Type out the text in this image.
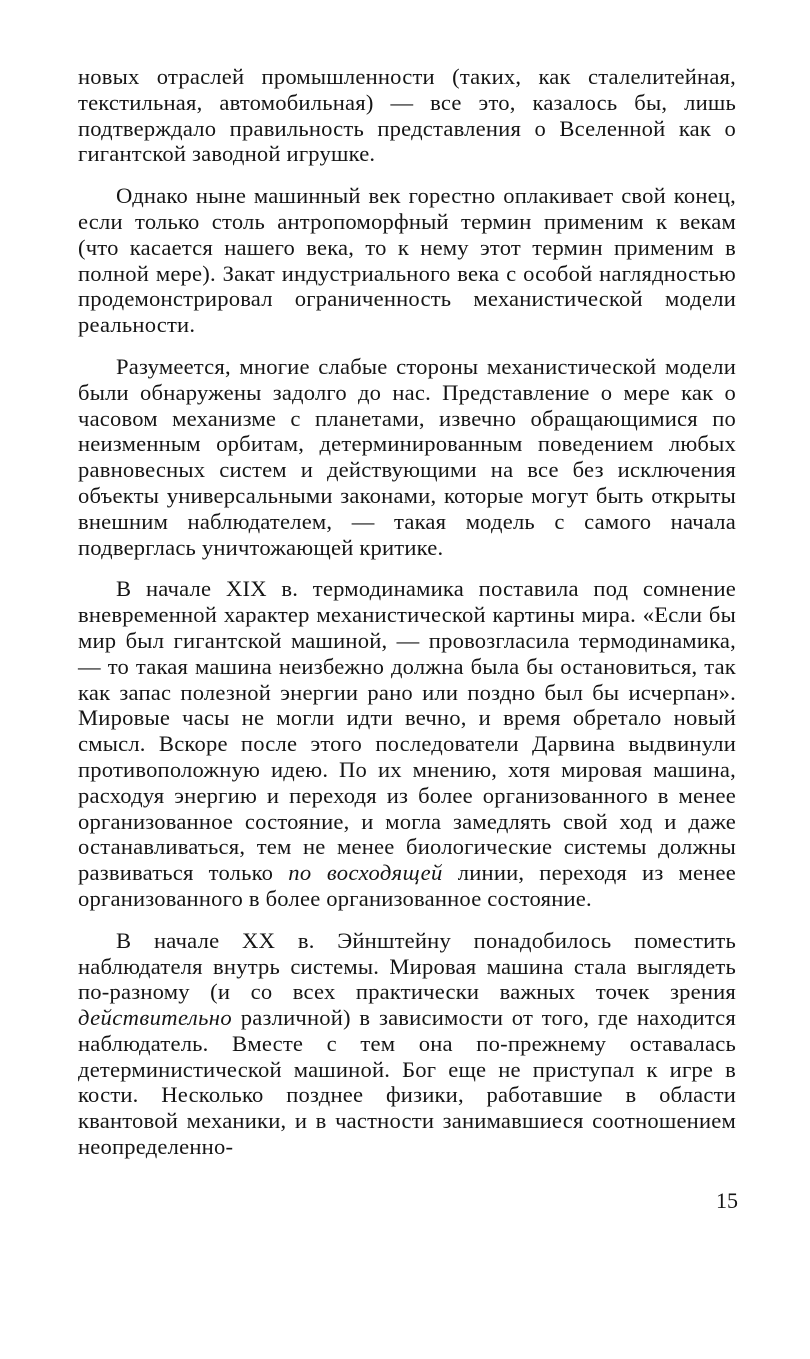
новых отраслей промышленности (таких, как сталелитейная, текстильная, автомобильная) — все это, казалось бы, лишь подтверждало правильность представления о Вселенной как о гигантской заводной игрушке.

Однако ныне машинный век горестно оплакивает свой конец, если только столь антропоморфный термин применим к векам (что касается нашего века, то к нему этот термин применим в полной мере). Закат индустриального века с особой наглядностью продемонстрировал ограниченность механистической модели реальности.

Разумеется, многие слабые стороны механистической модели были обнаружены задолго до нас. Представление о мере как о часовом механизме с планетами, извечно обращающимися по неизменным орбитам, детерминированным поведением любых равновесных систем и действующими на все без исключения объекты универсальными законами, которые могут быть открыты внешним наблюдателем, — такая модель с самого начала подверглась уничтожающей критике.

В начале XIX в. термодинамика поставила под сомнение вневременной характер механистической картины мира. «Если бы мир был гигантской машиной, — провозгласила термодинамика, — то такая машина неизбежно должна была бы остановиться, так как запас полезной энергии рано или поздно был бы исчерпан». Мировые часы не могли идти вечно, и время обретало новый смысл. Вскоре после этого последователи Дарвина выдвинули противоположную идею. По их мнению, хотя мировая машина, расходуя энергию и переходя из более организованного в менее организованное состояние, и могла замедлять свой ход и даже останавливаться, тем не менее биологические системы должны развиваться только по восходящей линии, переходя из менее организованного в более организованное состояние.

В начале XX в. Эйнштейну понадобилось поместить наблюдателя внутрь системы. Мировая машина стала выглядеть по-разному (и со всех практически важных точек зрения действительно различной) в зависимости от того, где находится наблюдатель. Вместе с тем она по-прежнему оставалась детерминистической машиной. Бог еще не приступал к игре в кости. Несколько позднее физики, работавшие в области квантовой механики, и в частности занимавшиеся соотношением неопределенно-

15
